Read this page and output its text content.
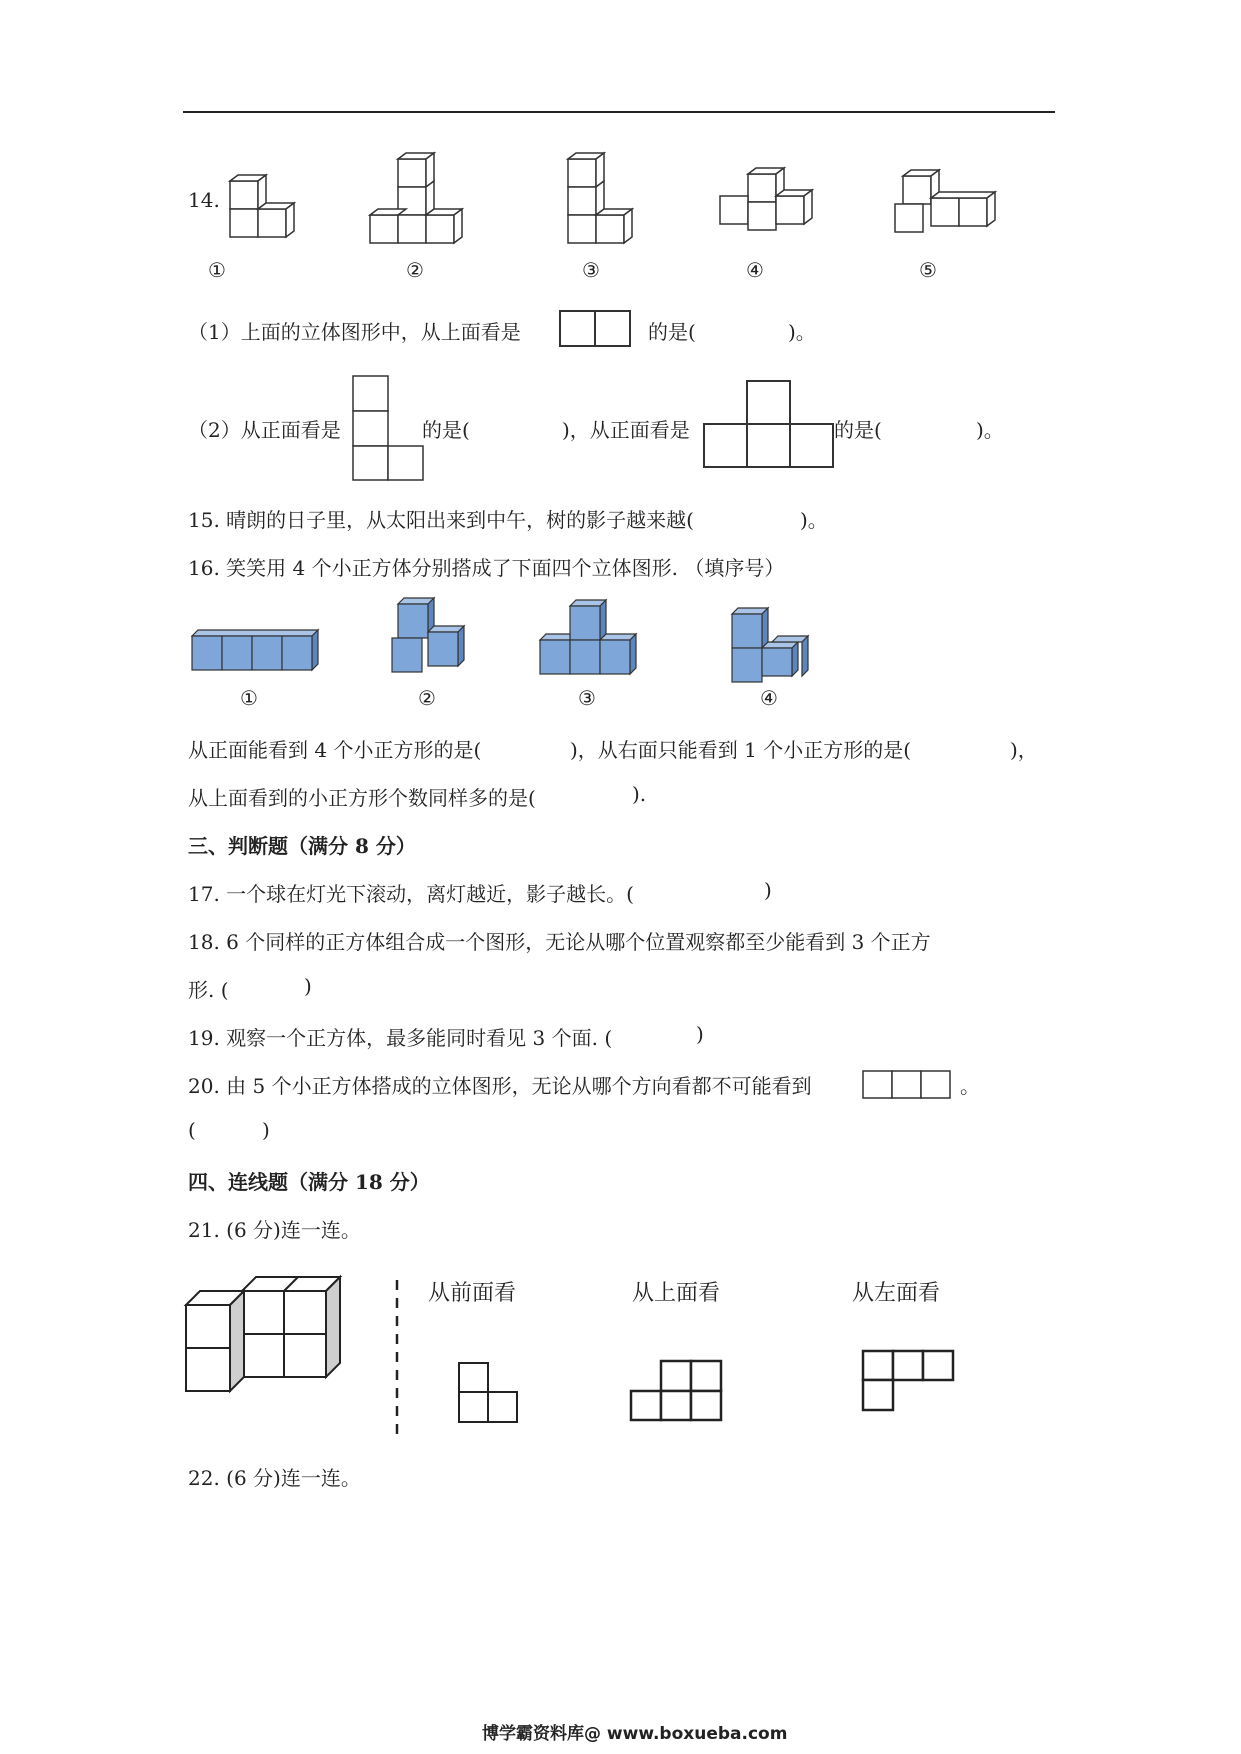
14.
①	②	③	④	⑤
（1）上面的立体图形中，从上面看是	的是(	)。
（2）从正面看是	的是(	)，从正面看是	的是(	)。
15. 晴朗的日子里，从太阳出来到中午，树的影子越来越(	)。
16. 笑笑用 4 个小正方体分别搭成了下面四个立体图形. （填序号）
①	②	③	④
从正面能看到 4 个小正方形的是(	)，从右面只能看到 1 个小正方形的是(	)，
从上面看到的小正方形个数同样多的是(	).
三、判断题（满分 8 分）
17. 一个球在灯光下滚动，离灯越近，影子越长。(	)
18. 6 个同样的正方体组合成一个图形，无论从哪个位置观察都至少能看到 3 个正方
形. (	)
19. 观察一个正方体，最多能同时看见 3 个面. (	)
20. 由 5 个小正方体搭成的立体图形，无论从哪个方向看都不可能看到	。
(	)
四、连线题（满分 18 分）
21. (6 分)连一连。
从前面看	从上面看	从左面看
22. (6 分)连一连。
博学霸资料库@ www.boxueba.com
